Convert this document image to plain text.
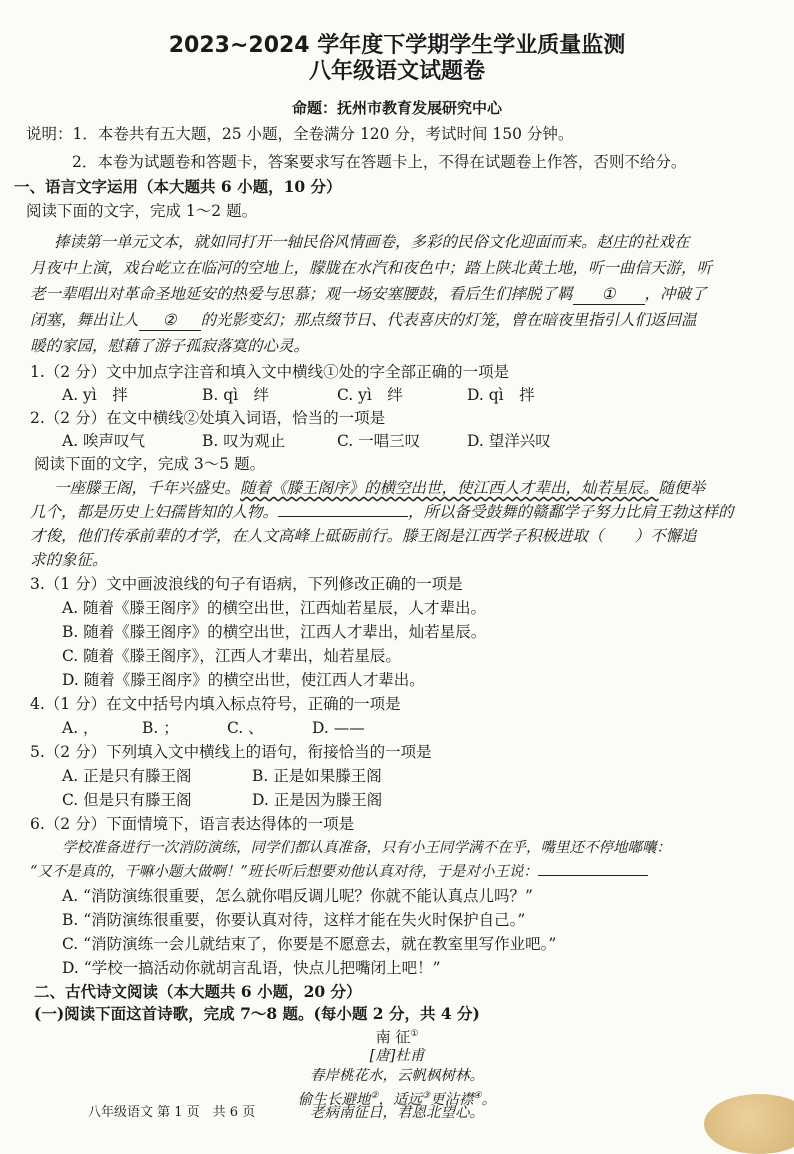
2023~2024 学年度下学期学生学业质量监测
八年级语文试题卷
命题：抚州市教育发展研究中心
说明：1．本卷共有五大题，25 小题，全卷满分 120 分，考试时间 150 分钟。
2．本卷为试题卷和答题卡，答案要求写在答题卡上，不得在试题卷上作答，否则不给分。
一、语言文字运用（本大题共 6 小题，10 分）
阅读下面的文字，完成 1～2 题。
捧读第一单元文本，就如同打开一轴民俗风情画卷，多彩的民俗文化迎面而来。赵庄的社戏在
月夜中上演，戏台屹立在临河的空地上，朦胧在水汽和夜色中；踏上陕北黄土地，听一曲信天游，听
老一辈唱出对革命圣地延安的热爱与思慕；观一场安塞腰鼓，看后生们摔脱了羁 ① ，冲破了
闭塞，舞出让人 ② 的光影变幻；那点缀节日、代表喜庆的灯笼，曾在暗夜里指引人们返回温
暖的家园，慰藉了游子孤寂落寞的心灵。
1.（2 分）文中加点字注音和填入文中横线①处的字全部正确的一项是
A. yì　拌	B. qì　绊	C. yì　绊	D. qì　拌
2.（2 分）在文中横线②处填入词语，恰当的一项是
A. 唉声叹气	B. 叹为观止	C. 一唱三叹	D. 望洋兴叹
阅读下面的文字，完成 3～5 题。
一座滕王阁，千年兴盛史。随着《滕王阁序》的横空出世，使江西人才辈出，灿若星辰。随便举
几个，都是历史上妇孺皆知的人物。	，所以备受鼓舞的赣鄱学子努力比肩王勃这样的
才俊，他们传承前辈的才学，在人文高峰上砥砺前行。滕王阁是江西学子积极进取（　　）不懈追
求的象征。
3.（1 分）文中画波浪线的句子有语病，下列修改正确的一项是
A. 随着《滕王阁序》的横空出世，江西灿若星辰，人才辈出。
B. 随着《滕王阁序》的横空出世，江西人才辈出，灿若星辰。
C. 随着《滕王阁序》，江西人才辈出，灿若星辰。
D. 随着《滕王阁序》的横空出世，使江西人才辈出。
4.（1 分）在文中括号内填入标点符号，正确的一项是
A. ，	B. ；	C. 、	D. ——
5.（2 分）下列填入文中横线上的语句，衔接恰当的一项是
A. 正是只有滕王阁	B. 正是如果滕王阁
C. 但是只有滕王阁	D. 正是因为滕王阁
6.（2 分）下面情境下，语言表达得体的一项是
学校准备进行一次消防演练，同学们都认真准备，只有小王同学满不在乎，嘴里还不停地嘟囔：
“又不是真的，干嘛小题大做啊！”班长听后想要劝他认真对待，于是对小王说：
A. “消防演练很重要，怎么就你唱反调儿呢？你就不能认真点儿吗？”
B. “消防演练很重要，你要认真对待，这样才能在失火时保护自己。”
C. “消防演练一会儿就结束了，你要是不愿意去，就在教室里写作业吧。”
D. “学校一搞活动你就胡言乱语，快点儿把嘴闭上吧！”
二、古代诗文阅读（本大题共 6 小题，20 分）
(一)阅读下面这首诗歌，完成 7～8 题。(每小题 2 分，共 4 分)
南 征①
[唐]杜甫
春岸桃花水，云帆枫树林。
偷生长避地②，适远③更沾襟④。
老病南征日，君恩北望心。
八年级语文 第 1 页　共 6 页
